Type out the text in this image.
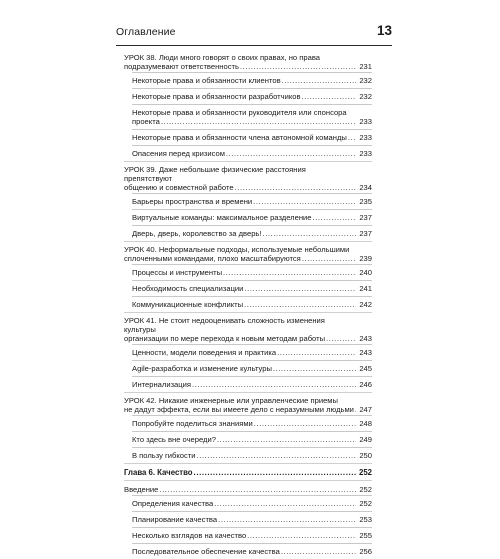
Оглавление	13
УРОК 38. Люди много говорят о своих правах, но права
подразумевают ответственность .....	231
Некоторые права и обязанности клиентов .....	232
Некоторые права и обязанности разработчиков .....	232
Некоторые права и обязанности руководителя или спонсора
проекта .....	233
Некоторые права и обязанности члена автономной команды .....	233
Опасения перед кризисом .....	233
УРОК 39. Даже небольшие физические расстояния препятствуют
общению и совместной работе .....	234
Барьеры пространства и времени .....	235
Виртуальные команды: максимальное разделение .....	237
Дверь, дверь, королевство за дверь! .....	237
УРОК 40. Неформальные подходы, используемые небольшими
сплоченными командами, плохо масштабируются .....	239
Процессы и инструменты .....	240
Необходимость специализации .....	241
Коммуникационные конфликты .....	242
УРОК 41. Не стоит недооценивать сложность изменения культуры
организации по мере перехода к новым методам работы .....	243
Ценности, модели поведения и практика .....	243
Agile-разработка и изменение культуры .....	245
Интернализация .....	246
УРОК 42. Никакие инженерные или управленческие приемы
не дадут эффекта, если вы имеете дело с неразумными людьми ..... 247
Попробуйте поделиться знаниями .....	248
Кто здесь вне очереди? .....	249
В пользу гибкости .....	250
Глава 6. Качество .....	252
Введение .....	252
Определения качества .....	252
Планирование качества .....	253
Несколько взглядов на качество .....	255
Последовательное обеспечение качества .....	256
